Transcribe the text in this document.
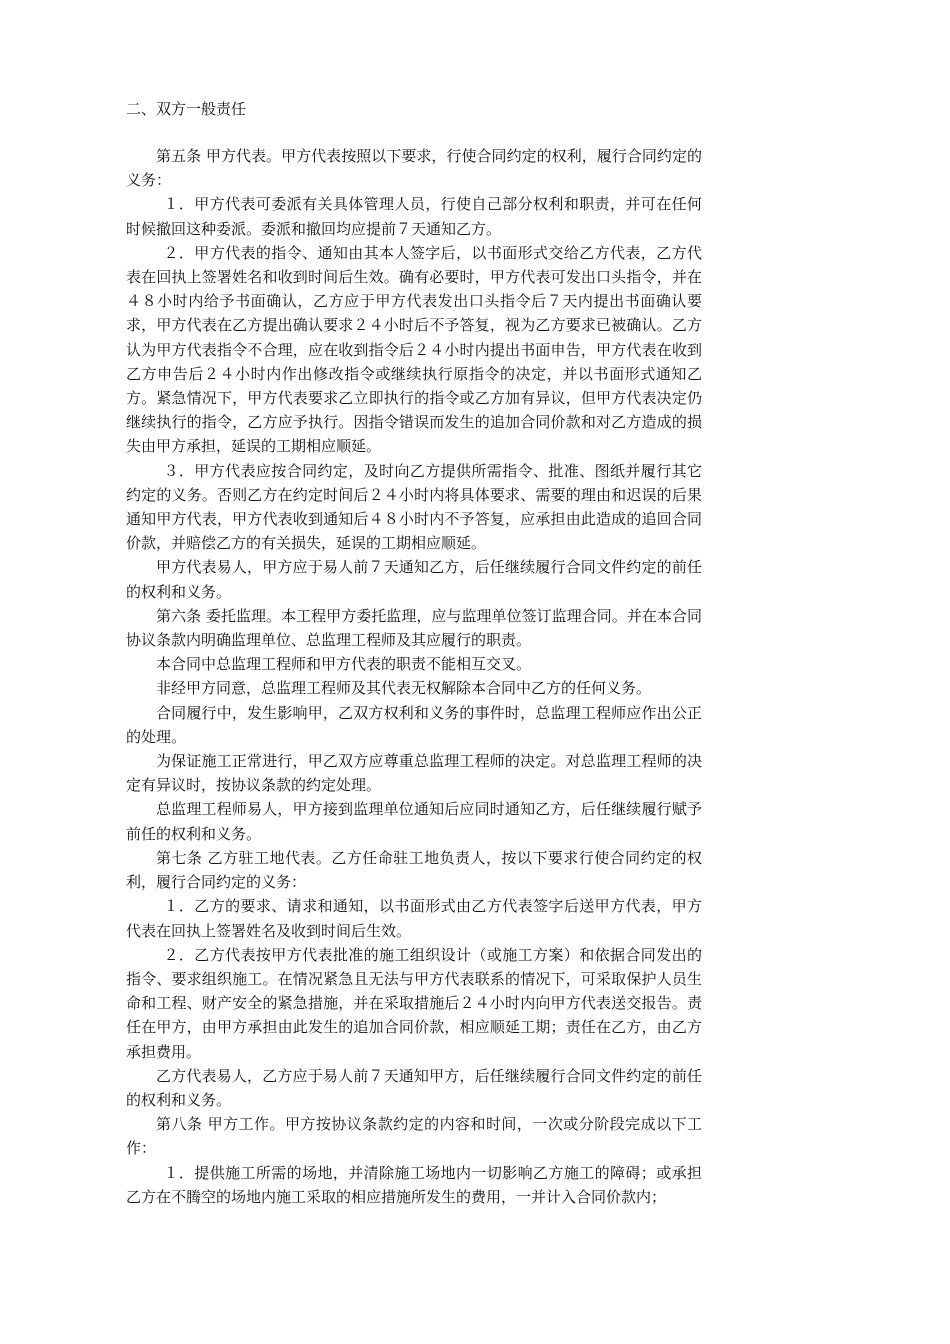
二、双方一般责任

第五条 甲方代表。甲方代表按照以下要求，行使合同约定的权利，履行合同约定的义务：

１．甲方代表可委派有关具体管理人员，行使自己部分权利和职责，并可在任何时候撤回这种委派。委派和撤回均应提前７天通知乙方。

２．甲方代表的指令、通知由其本人签字后，以书面形式交给乙方代表，乙方代表在回执上签署姓名和收到时间后生效。确有必要时，甲方代表可发出口头指令，并在４８小时内给予书面确认，乙方应于甲方代表发出口头指令后７天内提出书面确认要求，甲方代表在乙方提出确认要求２４小时后不予答复，视为乙方要求已被确认。乙方认为甲方代表指令不合理，应在收到指令后２４小时内提出书面申告，甲方代表在收到乙方申告后２４小时内作出修改指令或继续执行原指令的决定，并以书面形式通知乙方。紧急情况下，甲方代表要求乙立即执行的指令或乙方加有异议，但甲方代表决定仍继续执行的指令，乙方应予执行。因指令错误而发生的追加合同价款和对乙方造成的损失由甲方承担，延误的工期相应顺延。

３．甲方代表应按合同约定，及时向乙方提供所需指令、批准、图纸并履行其它约定的义务。否则乙方在约定时间后２４小时内将具体要求、需要的理由和迟误的后果通知甲方代表，甲方代表收到通知后４８小时内不予答复，应承担由此造成的追回合同价款，并赔偿乙方的有关损失，延误的工期相应顺延。

甲方代表易人，甲方应于易人前７天通知乙方，后任继续履行合同文件约定的前任的权利和义务。

第六条 委托监理。本工程甲方委托监理，应与监理单位签订监理合同。并在本合同协议条款内明确监理单位、总监理工程师及其应履行的职责。

本合同中总监理工程师和甲方代表的职责不能相互交叉。

非经甲方同意，总监理工程师及其代表无权解除本合同中乙方的任何义务。

合同履行中，发生影响甲，乙双方权利和义务的事件时，总监理工程师应作出公正的处理。

为保证施工正常进行，甲乙双方应尊重总监理工程师的决定。对总监理工程师的决定有异议时，按协议条款的约定处理。

总监理工程师易人，甲方接到监理单位通知后应同时通知乙方，后任继续履行赋予前任的权利和义务。

第七条 乙方驻工地代表。乙方任命驻工地负责人，按以下要求行使合同约定的权利，履行合同约定的义务：

１．乙方的要求、请求和通知，以书面形式由乙方代表签字后送甲方代表，甲方代表在回执上签署姓名及收到时间后生效。

２．乙方代表按甲方代表批准的施工组织设计（或施工方案）和依据合同发出的指令、要求组织施工。在情况紧急且无法与甲方代表联系的情况下，可采取保护人员生命和工程、财产安全的紧急措施，并在采取措施后２４小时内向甲方代表送交报告。责任在甲方，由甲方承担由此发生的追加合同价款，相应顺延工期；责任在乙方，由乙方承担费用。

乙方代表易人，乙方应于易人前７天通知甲方，后任继续履行合同文件约定的前任的权利和义务。

第八条 甲方工作。甲方按协议条款约定的内容和时间，一次或分阶段完成以下工作：

１．提供施工所需的场地，并清除施工场地内一切影响乙方施工的障碍；或承担乙方在不腾空的场地内施工采取的相应措施所发生的费用，一并计入合同价款内；
